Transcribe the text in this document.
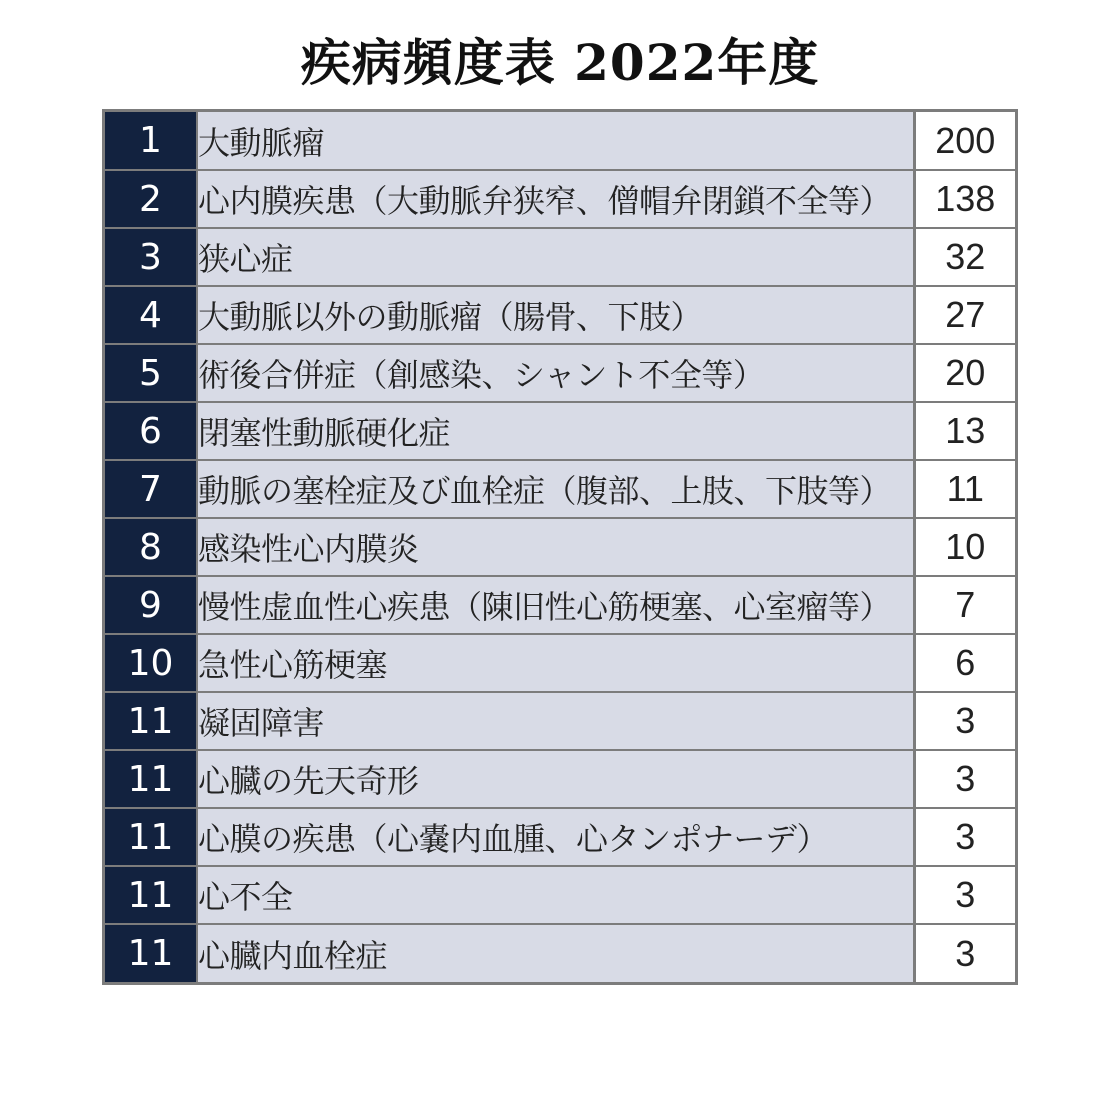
疾病頻度表 2022年度
1	大動脈瘤	200
2	心内膜疾患（大動脈弁狭窄、僧帽弁閉鎖不全等）	138
3	狭心症	32
4	大動脈以外の動脈瘤（腸骨、下肢）	27
5	術後合併症（創感染、シャント不全等）	20
6	閉塞性動脈硬化症	13
7	動脈の塞栓症及び血栓症（腹部、上肢、下肢等）	11
8	感染性心内膜炎	10
9	慢性虚血性心疾患（陳旧性心筋梗塞、心室瘤等）	7
10	急性心筋梗塞	6
11	凝固障害	3
11	心臓の先天奇形	3
11	心膜の疾患（心嚢内血腫、心タンポナーデ）	3
11	心不全	3
11	心臓内血栓症	3
